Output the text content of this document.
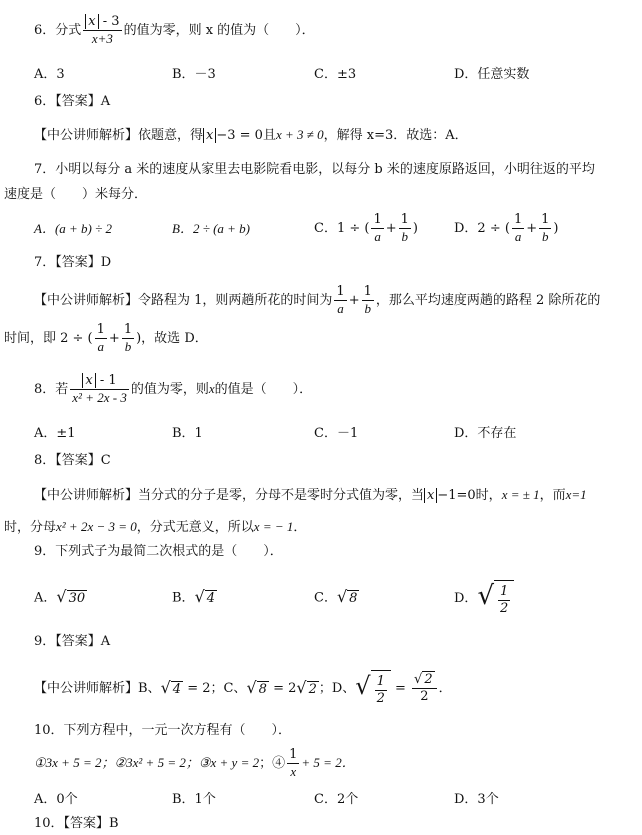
6．分式 $\frac{x - 3}{x+3}$ 的值为零，则 x 的值为（　　）．
A．3	B．－3	C．±3	D．任意实数
6．【答案】A
【中公讲师解析】依题意，得 x −3 = 0且x + 3 ≠ 0，解得 x=3．故选：A．
7．小明以每分 a 米的速度从家里去电影院看电影，以每分 b 米的速度原路返回，小明往返的平均
速度是（　　）米每分．
A．(a + b) ÷ 2	B．2 ÷ (a + b)	C．1 ÷ ( $\frac{1}{a} + \frac{1}{b}$ )	D．2 ÷ ( $\frac{1}{a} + \frac{1}{b}$ )
7．【答案】D
【中公讲师解析】令路程为 1，则两趟所花的时间为 $\frac{1}{a} + \frac{1}{b}$ ，那么平均速度两趟的路程 2 除所花的
时间，即 2 ÷ ( $\frac{1}{a} + \frac{1}{b}$ )，故选 D．
8．若 $\frac{x - 1}{\text{x² + 2x - 3}}$ 的值为零，则x的值是（　　）．
A．±1	B．1	C．－1	D．不存在
8．【答案】C
【中公讲师解析】当分式的分子是零，分母不是零时分式值为零，当 x −1=0时，x = ± 1，而x=1
时，分母x² + 2x − 3 = 0，分式无意义，所以x = − 1．
9．下列式子为最简二次根式的是（　　）．
A．√ 30	B．√ 4	C．√ 8	D．√ $\frac{1}{2}$
9．【答案】A
【中公讲师解析】B、√ 4 = 2；C、√ 8 = 2√ 2 ；D、√ $\frac{1}{2} = \frac{√ 2}{2}$ ．
10．下列方程中，一元一次方程有（　　）．
①3x + 5 = 2；②3x² + 5 = 2；③x + y = 2；④ $\frac{1}{x} + 5 = 2$．
A．0个	B．1个	C．2个	D．3个
10．【答案】B
